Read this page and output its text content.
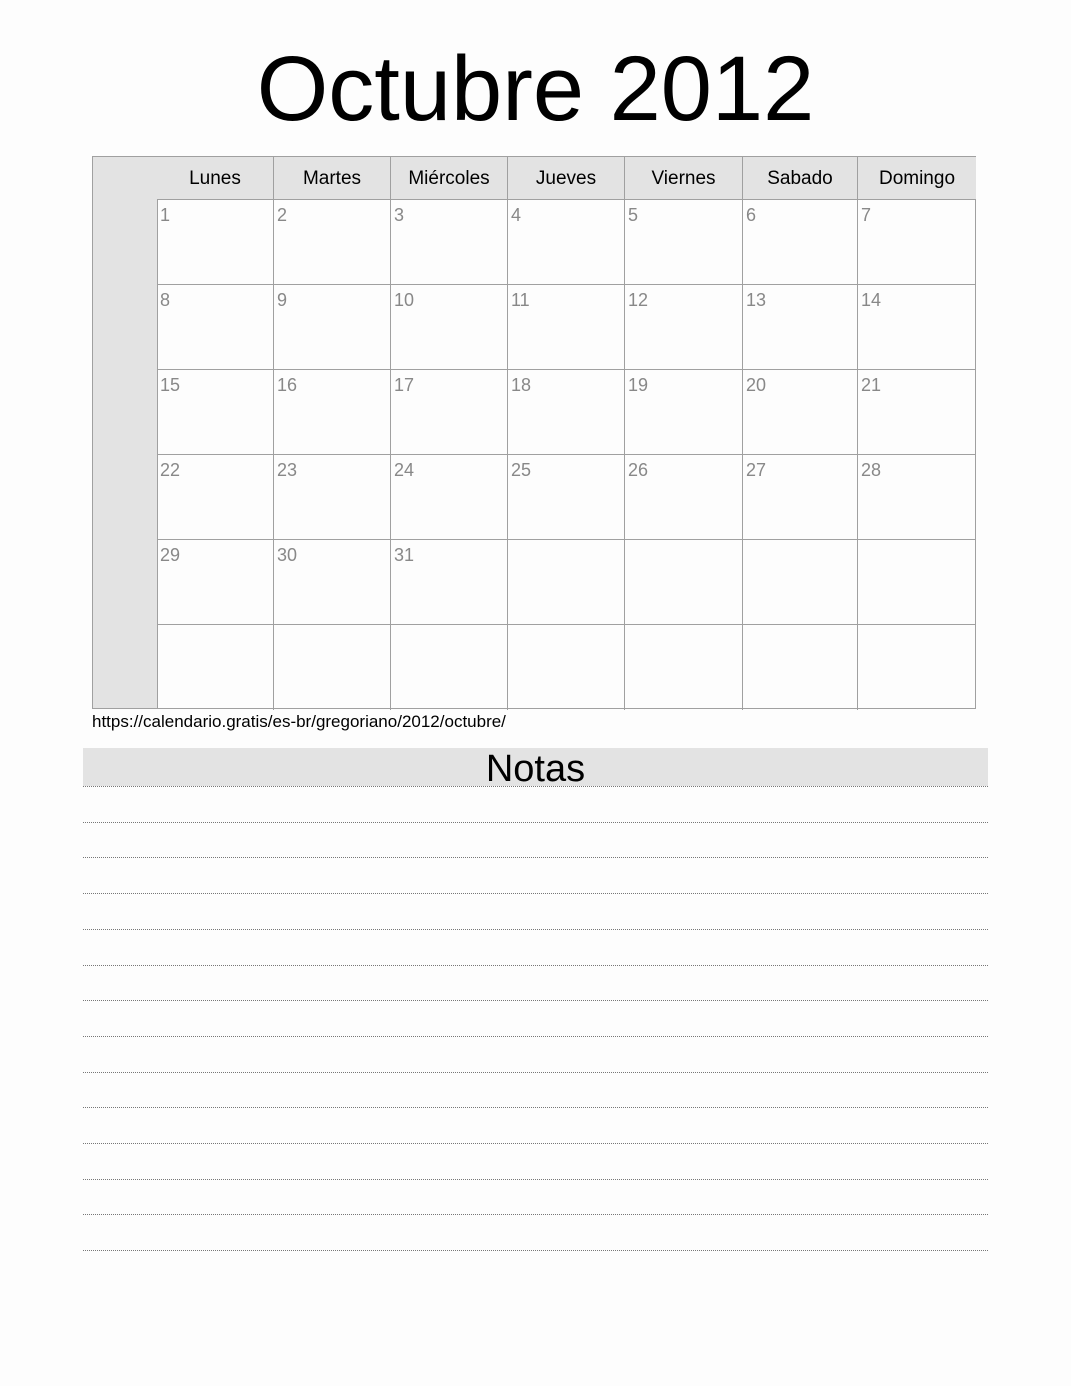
Octubre 2012
Lunes	Martes	Miércoles	Jueves	Viernes	Sabado	Domingo
1	2	3	4	5	6	7
8	9	10	11	12	13	14
15	16	17	18	19	20	21
22	23	24	25	26	27	28
29	30	31
https://calendario.gratis/es-br/gregoriano/2012/octubre/
Notas
